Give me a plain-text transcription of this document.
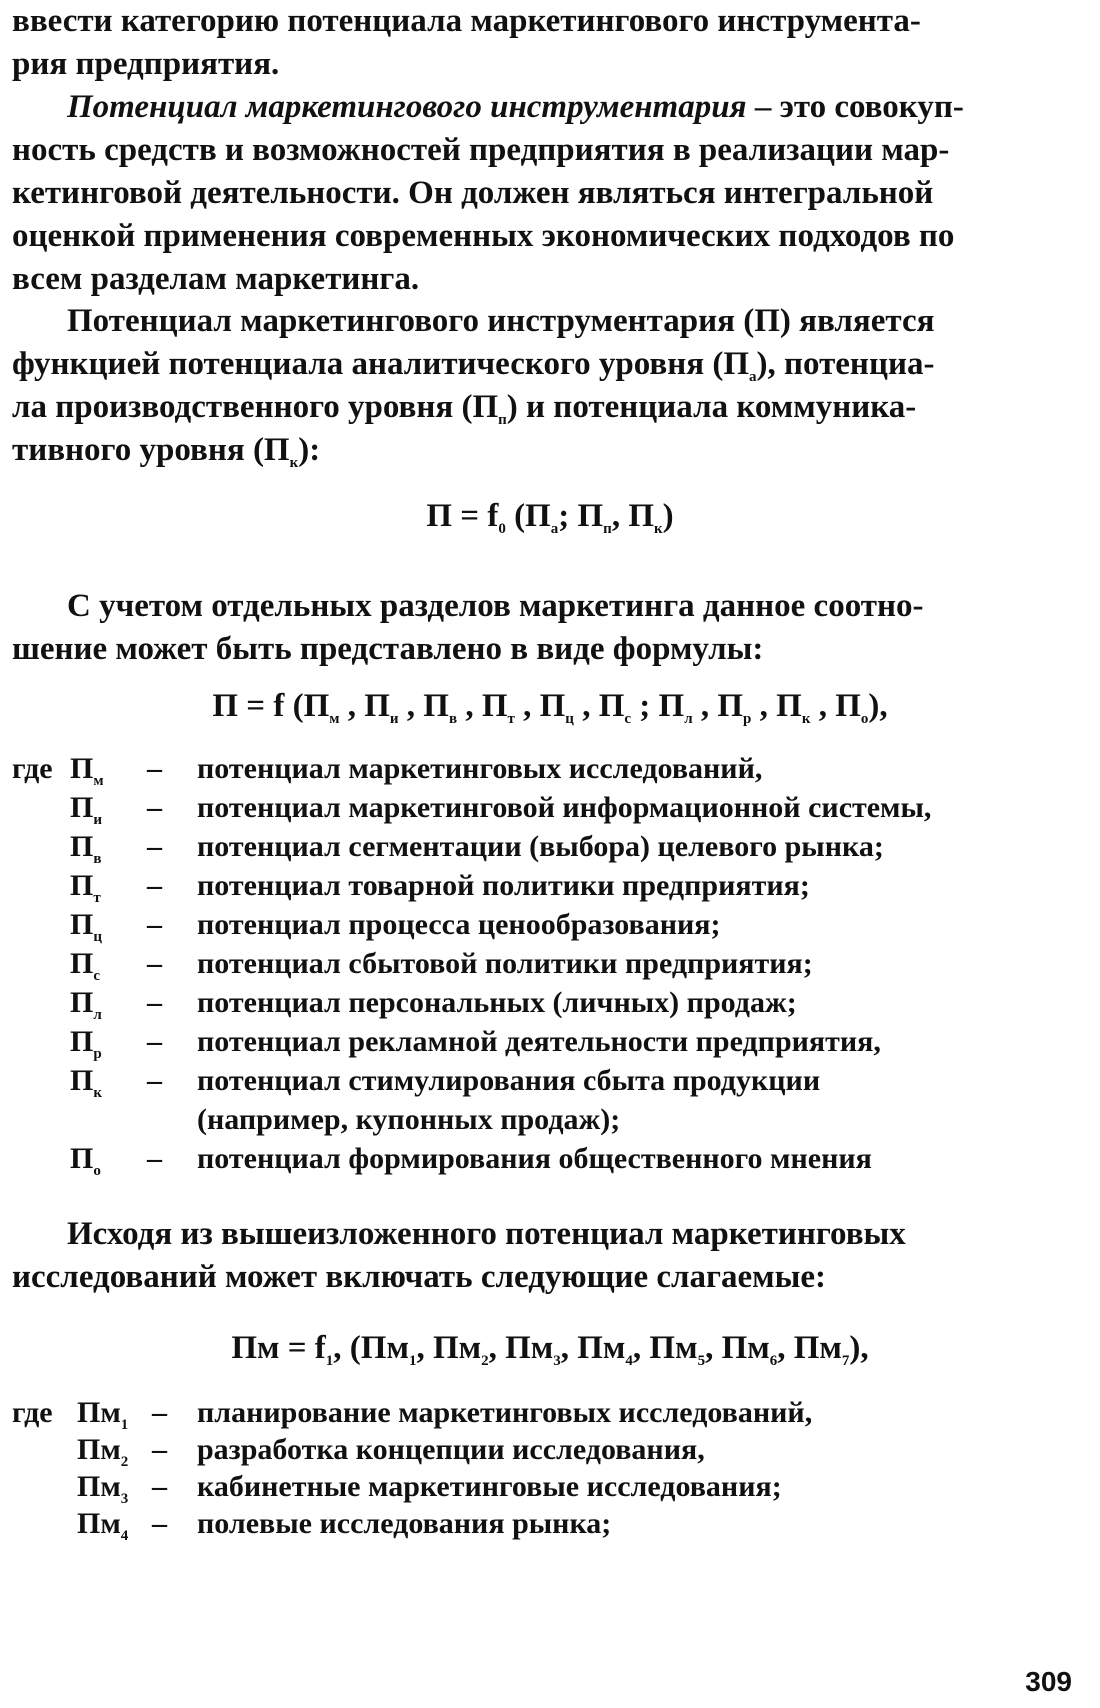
ввести категорию потенциала маркетингового инструмента-
рия предприятия.
Потенциал маркетингового инструментария – это совокуп-
ность средств и возможностей предприятия в реализации мар-
кетинговой деятельности. Он должен являться интегральной
оценкой применения современных экономических подходов по
всем разделам маркетинга.
Потенциал маркетингового инструментария (П) является
функцией потенциала аналитического уровня $(П_а)$, потенциа-
ла производственного уровня $(П_п)$ и потенциала коммуника-
тивного уровня $(П_к)$:
$П = f_0$ ($П_а$; $П_п$, $П_к$)
С учетом отдельных разделов маркетинга данное соотно-
шение может быть представлено в виде формулы:
П = f ($П_м$ , $П_и$ , $П_в$ , $П_т$ , $П_ц$ , $П_с$ ; $П_л$ , $П_р$ , $П_к$ , $П_о$),
где $П_м$ – потенциал маркетинговых исследований,
$П_и$ – потенциал маркетинговой информационной системы,
$П_в$ – потенциал сегментации (выбора) целевого рынка;
$П_т$ – потенциал товарной политики предприятия;
$П_ц$ – потенциал процесса ценообразования;
$П_с$ – потенциал сбытовой политики предприятия;
$П_л$ – потенциал персональных (личных) продаж;
$П_р$ – потенциал рекламной деятельности предприятия,
$П_к$ – потенциал стимулирования сбыта продукции
(например, купонных продаж);
$П_о$ – потенциал формирования общественного мнения
Исходя из вышеизложенного потенциал маркетинговых
исследований может включать следующие слагаемые:
Пм = $f_1$, ($Пм_1$, $Пм_2$, $Пм_3$, $Пм_4$, $Пм_5$, $Пм_6$, $Пм_7$),
где $Пм_1$ – планирование маркетинговых исследований,
$Пм_2$ – разработка концепции исследования,
$Пм_3$ – кабинетные маркетинговые исследования;
$Пм_4$ – полевые исследования рынка;
309
